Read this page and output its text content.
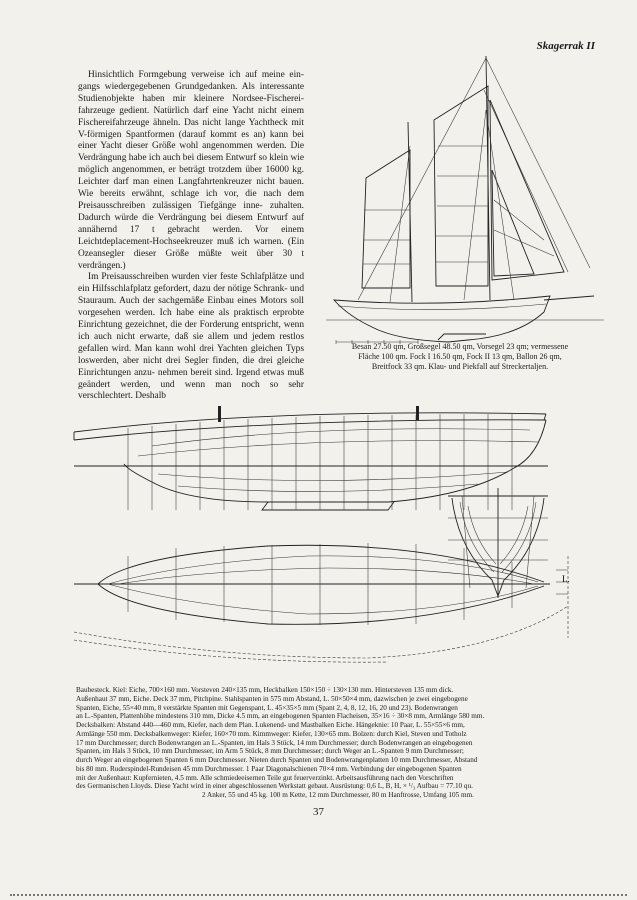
Skagerrak II

Hinsichtlich Formgebung verweise ich auf meine ein- gangs wiedergegebenen Grundgedanken. Als interessante Studienobjekte haben mir kleinere Nordsee-Fischerei- fahrzeuge gedient. Natürlich darf eine Yacht nicht einem Fischereifahrzeuge ähneln. Das nicht lange Yachtheck mit V-förmigen Spantformen (darauf kommt es an) kann bei einer Yacht dieser Größe wohl angenommen werden. Die Verdrängung habe ich auch bei diesem Entwurf so klein wie möglich angenommen, er beträgt trotzdem über 16000 kg. Leichter darf man einen Langfahrtenkreuzer nicht bauen. Wie bereits erwähnt, schlage ich vor, die nach dem Preisausschreiben zulässigen Tiefgänge inne- zuhalten. Dadurch würde die Verdrängung bei diesem Entwurf auf annähernd 17 t gebracht werden. Vor einem Leichtdeplacement-Hochseekreuzer muß ich warnen. (Ein Ozeansegler dieser Größe müßte weit über 30 t verdrängen.)

Im Preisausschreiben wurden vier feste Schlafplätze und ein Hilfsschlafplatz gefordert, dazu der nötige Schrank- und Stauraum. Auch der sachgemäße Einbau eines Motors soll vorgesehen werden. Ich habe eine als praktisch erprobte Einrichtung gezeichnet, die der Forderung entspricht, wenn ich auch nicht erwarte, daß sie allem und jedem restlos gefallen wird. Man kann wohl drei Yachten gleichen Typs loswerden, aber nicht drei Segler finden, die drei gleiche Einrichtungen anzu- nehmen bereit sind. Irgend etwas muß geändert werden, und wenn man noch so sehr verschlechtert. Deshalb

Besan 27.50 qm, Großsegel 48.50 qm, Vorsegel 23 qm; vermessene
Fläche 100 qm. Fock I 16.50 qm, Fock II 13 qm, Ballon 26 qm,
Breitfock 33 qm. Klau- und Piekfall auf Streckertaljen.
L.
Baubesteck. Kiel: Eiche, 700×160 mm. Vorsteven 240×135 mm, Heckbalken 150×150 ÷ 130×130 mm. Hintersteven 135 mm dick.
Außenhaut 37 mm, Eiche. Deck 37 mm, Pitchpine. Stahlspanten in 575 mm Abstand, L. 50×50×4 mm, dazwischen je zwei eingebogene
Spanten, Eiche, 55×40 mm, 8 verstärkte Spanten mit Gegenspant, L. 45×35×5 mm (Spant 2, 4, 8, 12, 16, 20 und 23). Bodenwrangen
an L.-Spanten, Plattenhöhe mindestens 310 mm, Dicke 4.5 mm, an eingebogenen Spanten Flacheisen, 35×16 ÷ 30×8 mm, Armlänge 580 mm.
Decksbalken: Abstand 440—460 mm, Kiefer, nach dem Plan. Lukenend- und Mastbalken Eiche. Hängeknie: 10 Paar, L. 55×55×6 mm,
Armlänge 550 mm. Decksbalkenweger: Kiefer, 160×70 mm. Kimmweger: Kiefer, 130×65 mm. Bolzen: durch Kiel, Steven und Totholz
17 mm Durchmesser; durch Bodenwrangen an L.-Spanten, im Hals 3 Stück, 14 mm Durchmesser; durch Bodenwrangen an eingebogenen
Spanten, im Hals 3 Stück, 10 mm Durchmesser, im Arm 5 Stück, 8 mm Durchmesser; durch Weger an L.-Spanten 9 mm Durchmesser;
durch Weger an eingebogenen Spanten 6 mm Durchmesser. Nieten durch Spanten und Bodenwrangenplatten 10 mm Durchmesser, Abstand
bis 80 mm. Ruderspindel-Rundeisen 45 mm Durchmesser. 1 Paar Diagonalschienen 70×4 mm. Verbindung der eingebogenen Spanten
mit der Außenhaut: Kupfernieten, 4.5 mm. Alle schmiedeeisernen Teile gut feuerverzinkt. Arbeitsausführung nach den Vorschriften
des Germanischen Lloyds. Diese Yacht wird in einer abgeschlossenen Werkstatt gebaut. Ausrüstung: 0,6 L, B, H, × ¹/₃ Aufbau = 77.10 qu.
2 Anker, 55 und 45 kg. 100 m Kette, 12 mm Durchmesser, 80 m Hanftrosse, Umfang 105 mm.
37
